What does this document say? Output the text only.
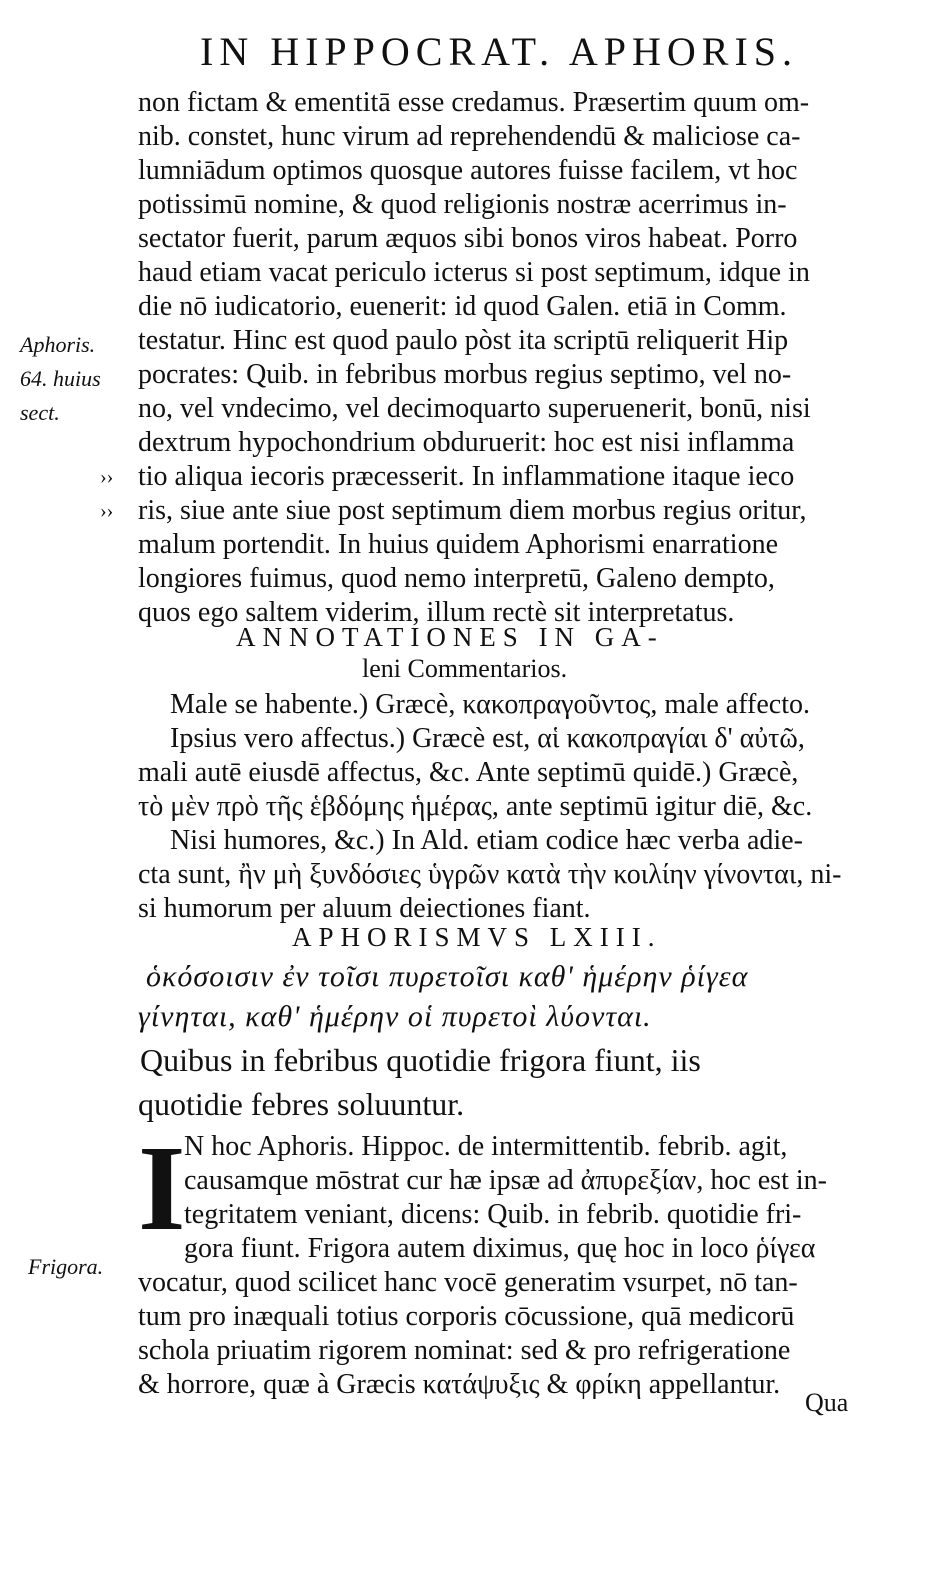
IN HIPPOCRAT. APHORIS.
non fictam & ementitā esse credamus. Præsertim quum om-
nib. constet, hunc virum ad reprehendendū & maliciose ca-
lumniādum optimos quosque autores fuisse facilem, vt hoc
potissimū nomine, & quod religionis nostræ acerrimus in-
sectator fuerit, parum æquos sibi bonos viros habeat. Porro
haud etiam vacat periculo icterus si post septimum, idque in
die nō iudicatorio, euenerit: id quod Galen. etiā in Comm.
testatur. Hinc est quod paulo pòst ita scriptū reliquerit Hip
pocrates: Quib. in febribus morbus regius septimo, vel no-
no, vel vndecimo, vel decimoquarto superuenerit, bonū, nisi
dextrum hypochondrium obduruerit: hoc est nisi inflamma
tio aliqua iecoris præcesserit. In inflammatione itaque ieco
ris, siue ante siue post septimum diem morbus regius oritur,
malum portendit. In huius quidem Aphorismi enarratione
longiores fuimus, quod nemo interpretū, Galeno dempto,
quos ego saltem viderim, illum rectè sit interpretatus.
Aphoris.
64. huius
sect.
››
››
ANNOTATIONES IN GA-
leni Commentarios.
Male se habente.) Græcè, κακοπραγοῦντος, male affecto.
Ipsius vero affectus.) Græcè est, αἱ κακοπραγίαι δ' αὐτῶ,
mali autē eiusdē affectus, &c. Ante septimū quidē.) Græcè,
τὸ μὲν πρὸ τῆς ἑβδόμης ἡμέρας, ante septimū igitur diē, &c.
Nisi humores, &c.) In Ald. etiam codice hæc verba adie-
cta sunt, ἢν μὴ ξυνδόσιες ὑγρῶν κατὰ τὴν κοιλίην γίνονται, ni-
si humorum per aluum deiectiones fiant.
APHORISMVS LXIII.
ὁκόσοισιν ἐν τοῖσι πυρετοῖσι καθ' ἡμέρην ῥίγεα
γίνηται, καθ' ἡμέρην οἱ πυρετοὶ λύονται.
Quibus in febribus quotidie frigora fiunt, iis
quotidie febres soluuntur.
I
N hoc Aphoris. Hippoc. de intermittentib. febrib. agit,
causamque mōstrat cur hæ ipsæ ad ἀπυρεξίαν, hoc est in-
tegritatem veniant, dicens: Quib. in febrib. quotidie fri-
gora fiunt. Frigora autem diximus, quę hoc in loco ῥίγεα
vocatur, quod scilicet hanc vocē generatim vsurpet, nō tan-
tum pro inæquali totius corporis cōcussione, quā medicorū
schola priuatim rigorem nominat: sed & pro refrigeratione
& horrore, quæ à Græcis κατάψυξις & φρίκη appellantur.
Frigora.
Qua
